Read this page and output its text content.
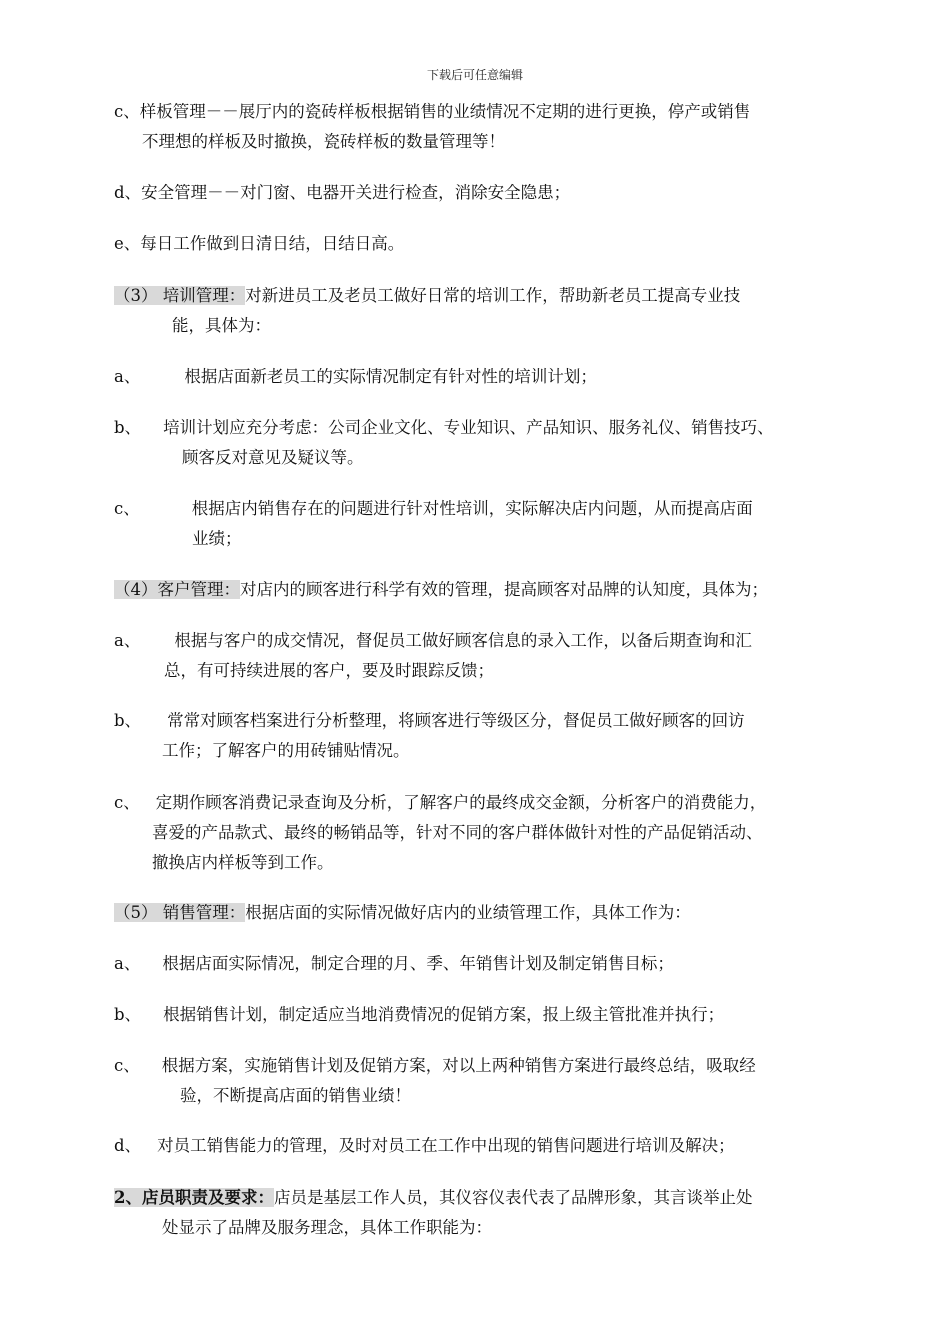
下载后可任意编辑
c、样板管理－－展厅内的瓷砖样板根据销售的业绩情况不定期的进行更换，停产或销售
不理想的样板及时撤换，瓷砖样板的数量管理等！
d、安全管理－－对门窗、电器开关进行检查，消除安全隐患；
e、每日工作做到日清日结，日结日高。
（3） 培训管理：对新进员工及老员工做好日常的培训工作，帮助新老员工提高专业技
能，具体为：
a、	根据店面新老员工的实际情况制定有针对性的培训计划；
b、 培训计划应充分考虑：公司企业文化、专业知识、产品知识、服务礼仪、销售技巧、
顾客反对意见及疑议等。
c、	根据店内销售存在的问题进行针对性培训，实际解决店内问题，从而提高店面
业绩；
（4）客户管理：对店内的顾客进行科学有效的管理，提高顾客对品牌的认知度，具体为；
a、 根据与客户的成交情况，督促员工做好顾客信息的录入工作，以备后期查询和汇
总，有可持续进展的客户，要及时跟踪反馈；
b、 常常对顾客档案进行分析整理，将顾客进行等级区分，督促员工做好顾客的回访
工作；了解客户的用砖铺贴情况。
c、 定期作顾客消费记录查询及分析，了解客户的最终成交金额，分析客户的消费能力，
喜爱的产品款式、最终的畅销品等，针对不同的客户群体做针对性的产品促销活动、
撤换店内样板等到工作。
（5） 销售管理：根据店面的实际情况做好店内的业绩管理工作，具体工作为：
a、 根据店面实际情况，制定合理的月、季、年销售计划及制定销售目标；
b、 根据销售计划，制定适应当地消费情况的促销方案，报上级主管批准并执行；
c、 根据方案，实施销售计划及促销方案，对以上两种销售方案进行最终总结，吸取经
验，不断提高店面的销售业绩！
d、 对员工销售能力的管理，及时对员工在工作中出现的销售问题进行培训及解决；
2、店员职责及要求：店员是基层工作人员，其仪容仪表代表了品牌形象，其言谈举止处
处显示了品牌及服务理念，具体工作职能为：
